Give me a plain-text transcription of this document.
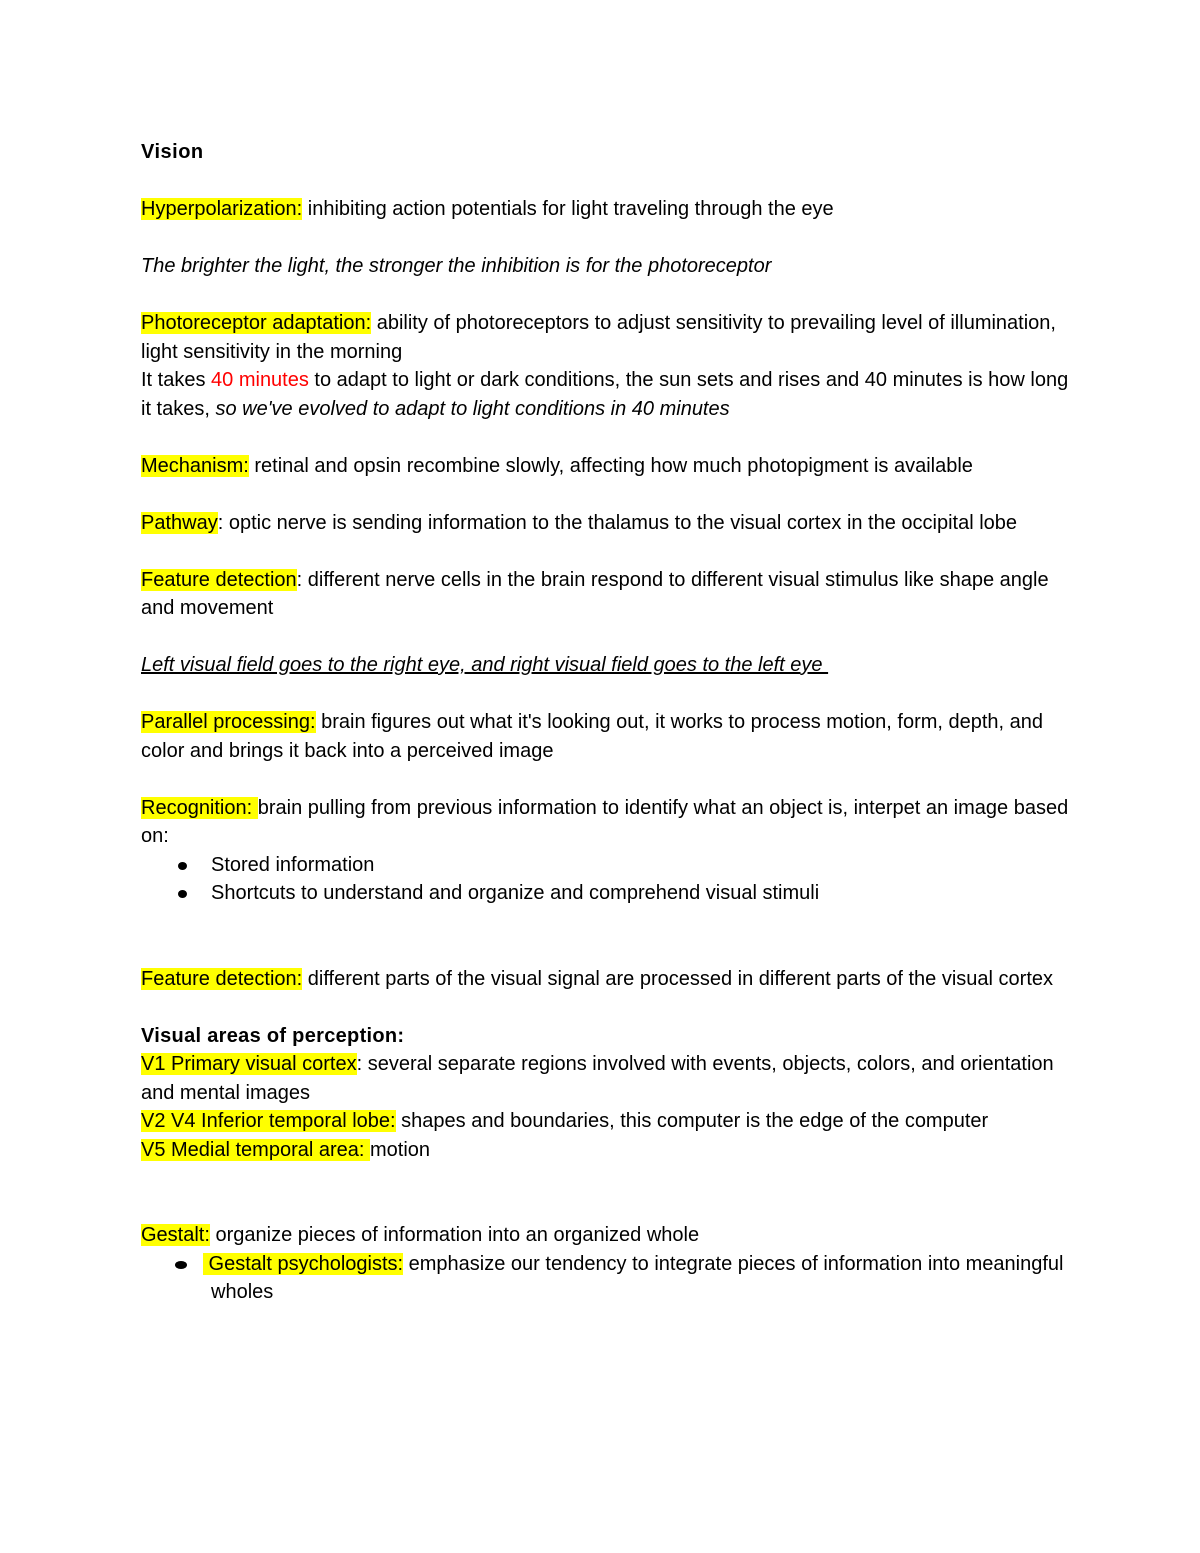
Vision

Hyperpolarization: inhibiting action potentials for light traveling through the eye

The brighter the light, the stronger the inhibition is for the photoreceptor

Photoreceptor adaptation: ability of photoreceptors to adjust sensitivity to prevailing level of illumination, light sensitivity in the morning

It takes 40 minutes to adapt to light or dark conditions, the sun sets and rises and 40 minutes is how long it takes, so we've evolved to adapt to light conditions in 40 minutes

Mechanism: retinal and opsin recombine slowly, affecting how much photopigment is available

Pathway: optic nerve is sending information to the thalamus to the visual cortex in the occipital lobe

Feature detection: different nerve cells in the brain respond to different visual stimulus like shape angle and movement

Left visual field goes to the right eye, and right visual field goes to the left eye

Parallel processing: brain figures out what it's looking out, it works to process motion, form, depth, and color and brings it back into a perceived image

Recognition: brain pulling from previous information to identify what an object is, interpet an image based on:

Stored information
Shortcuts to understand and organize and comprehend visual stimuli

Feature detection: different parts of the visual signal are processed in different parts of the visual cortex

Visual areas of perception:

V1 Primary visual cortex: several separate regions involved with events, objects, colors, and orientation and mental images

V2 V4 Inferior temporal lobe: shapes and boundaries, this computer is the edge of the computer

V5 Medial temporal area: motion

Gestalt: organize pieces of information into an organized whole

Gestalt psychologists: emphasize our tendency to integrate pieces of information into meaningful wholes
